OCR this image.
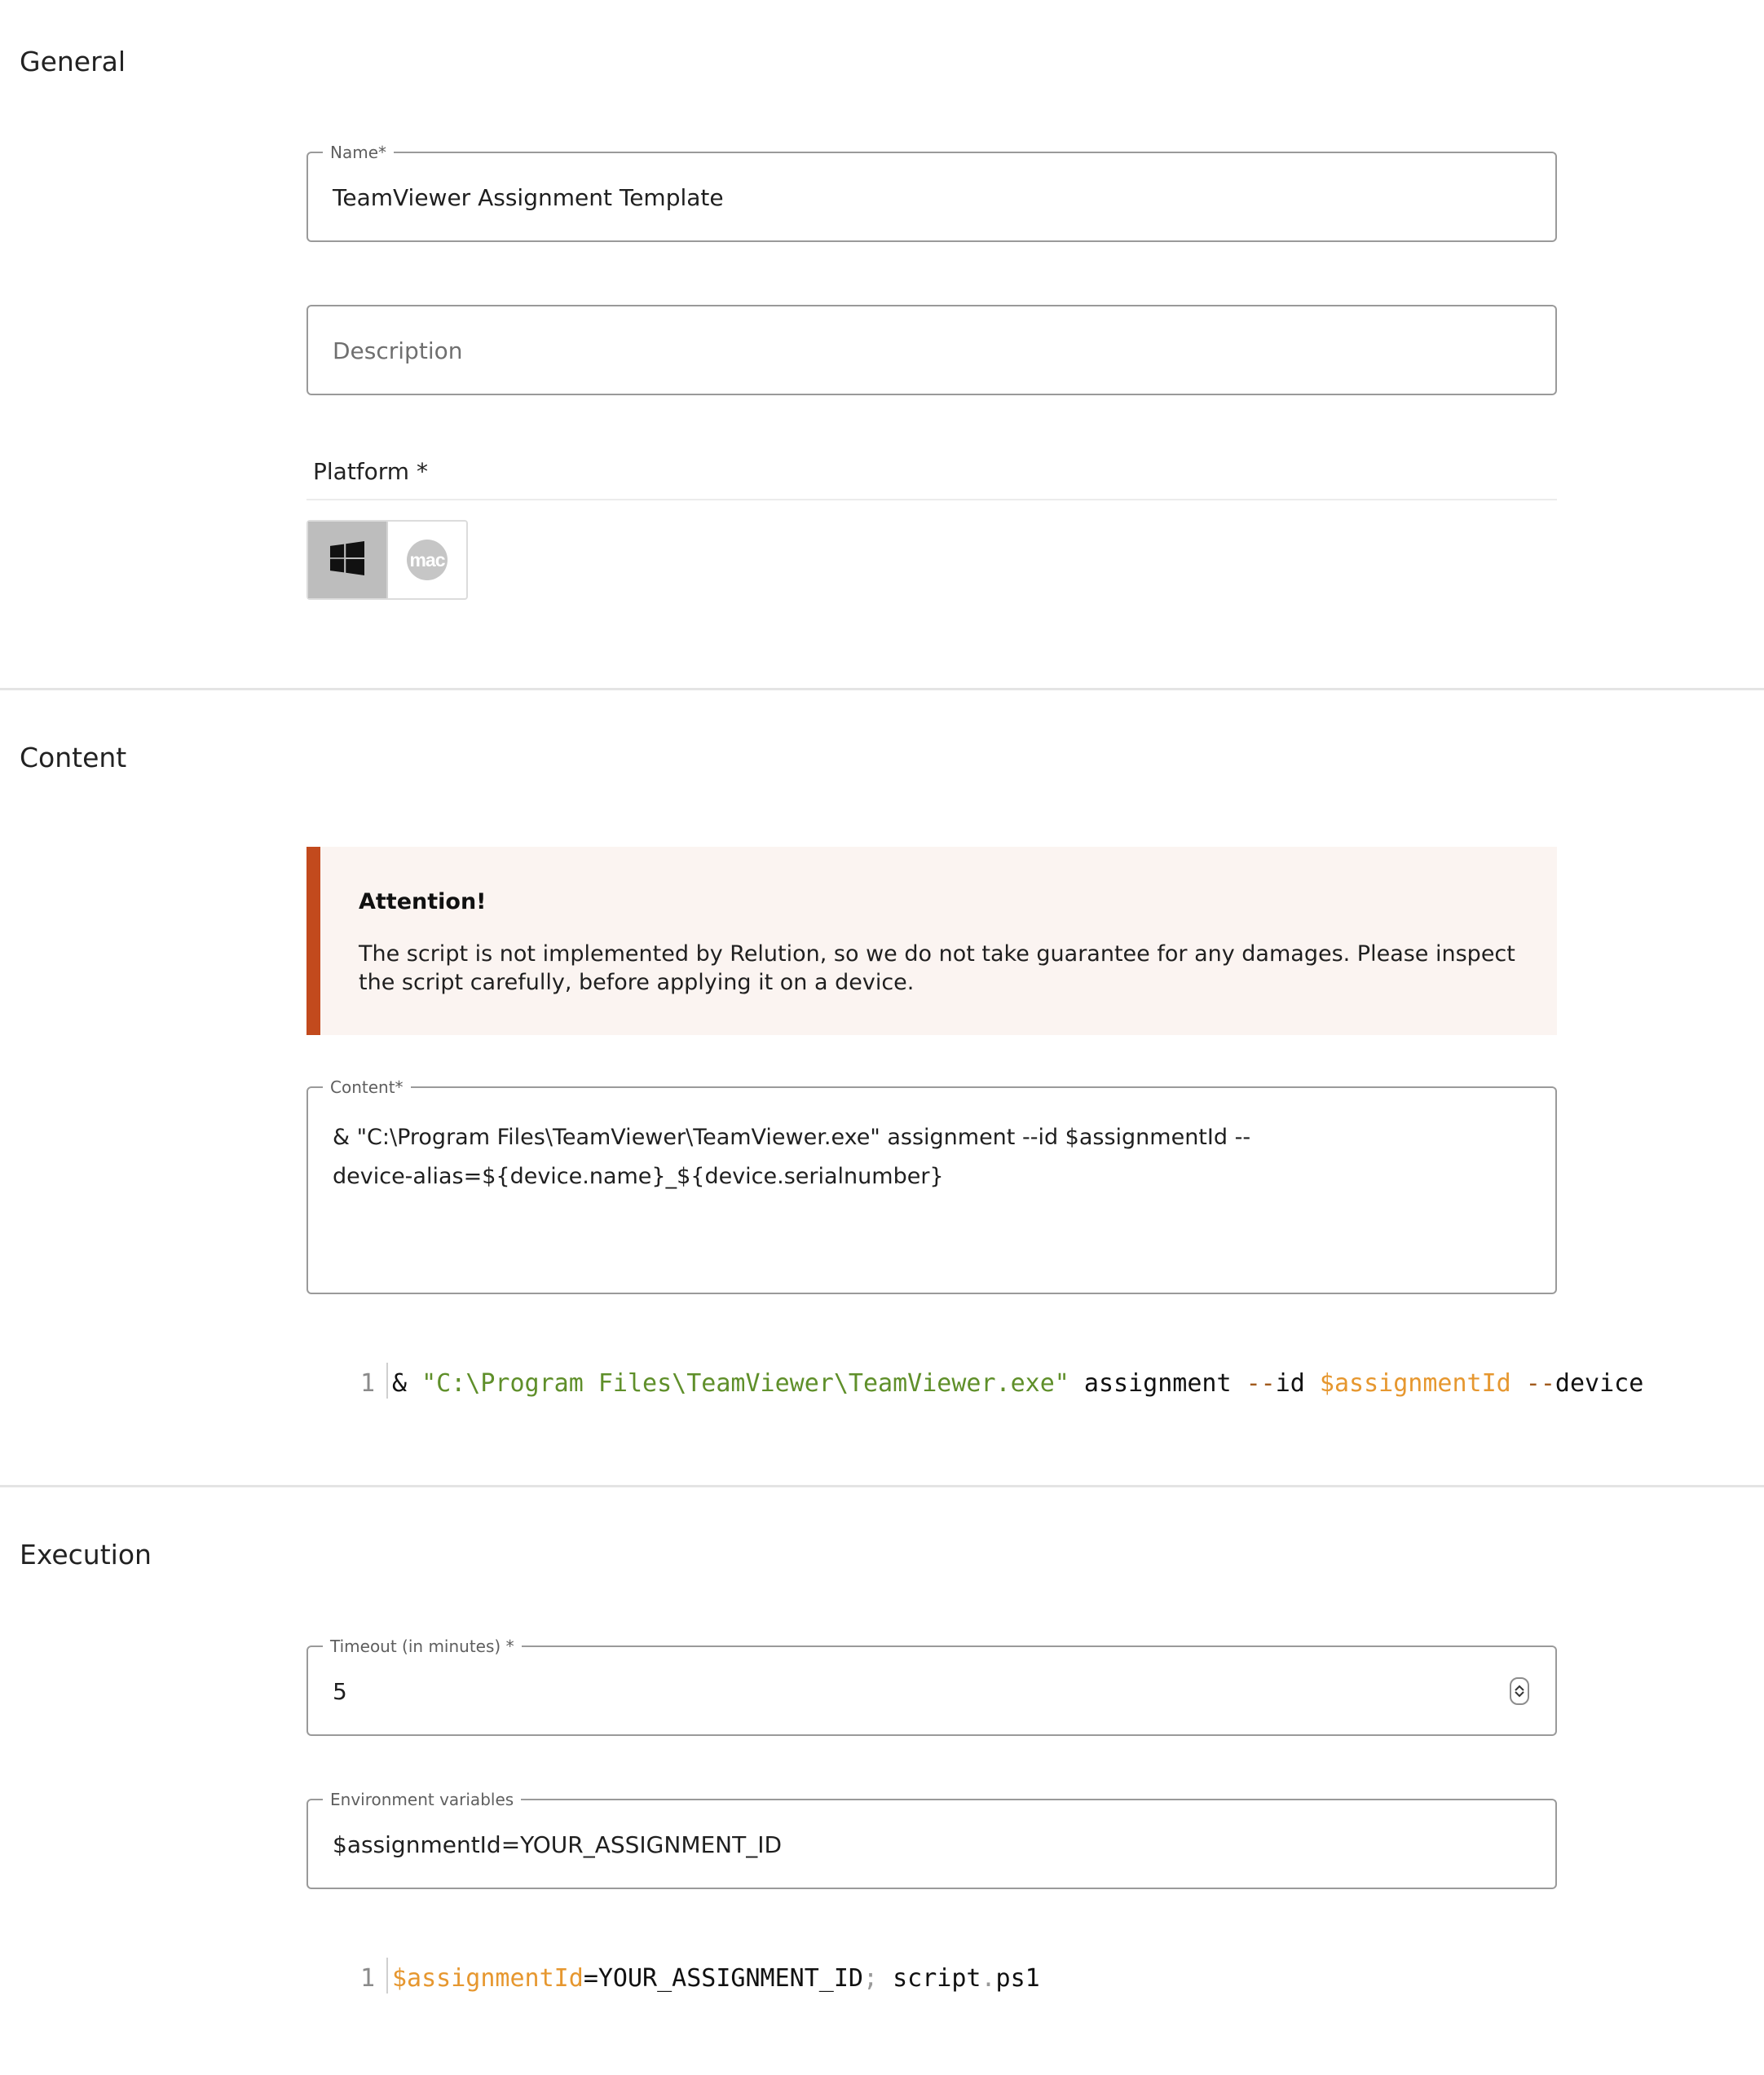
General
Name*
TeamViewer Assignment Template
Description
Platform *
mac
Content
Attention!
The script is not implemented by Relution, so we do not take guarantee for any damages. Please inspect the script carefully, before applying it on a device.
Content*
& "C:\Program Files\TeamViewer\TeamViewer.exe" assignment --id $assignmentId --device-alias=${device.name}_${device.serialnumber}
1 & "C:\Program Files\TeamViewer\TeamViewer.exe" assignment --id $assignmentId --device
Execution
Timeout (in minutes) *
5
Environment variables
$assignmentId=YOUR_ASSIGNMENT_ID
1 $assignmentId=YOUR_ASSIGNMENT_ID; script.ps1
